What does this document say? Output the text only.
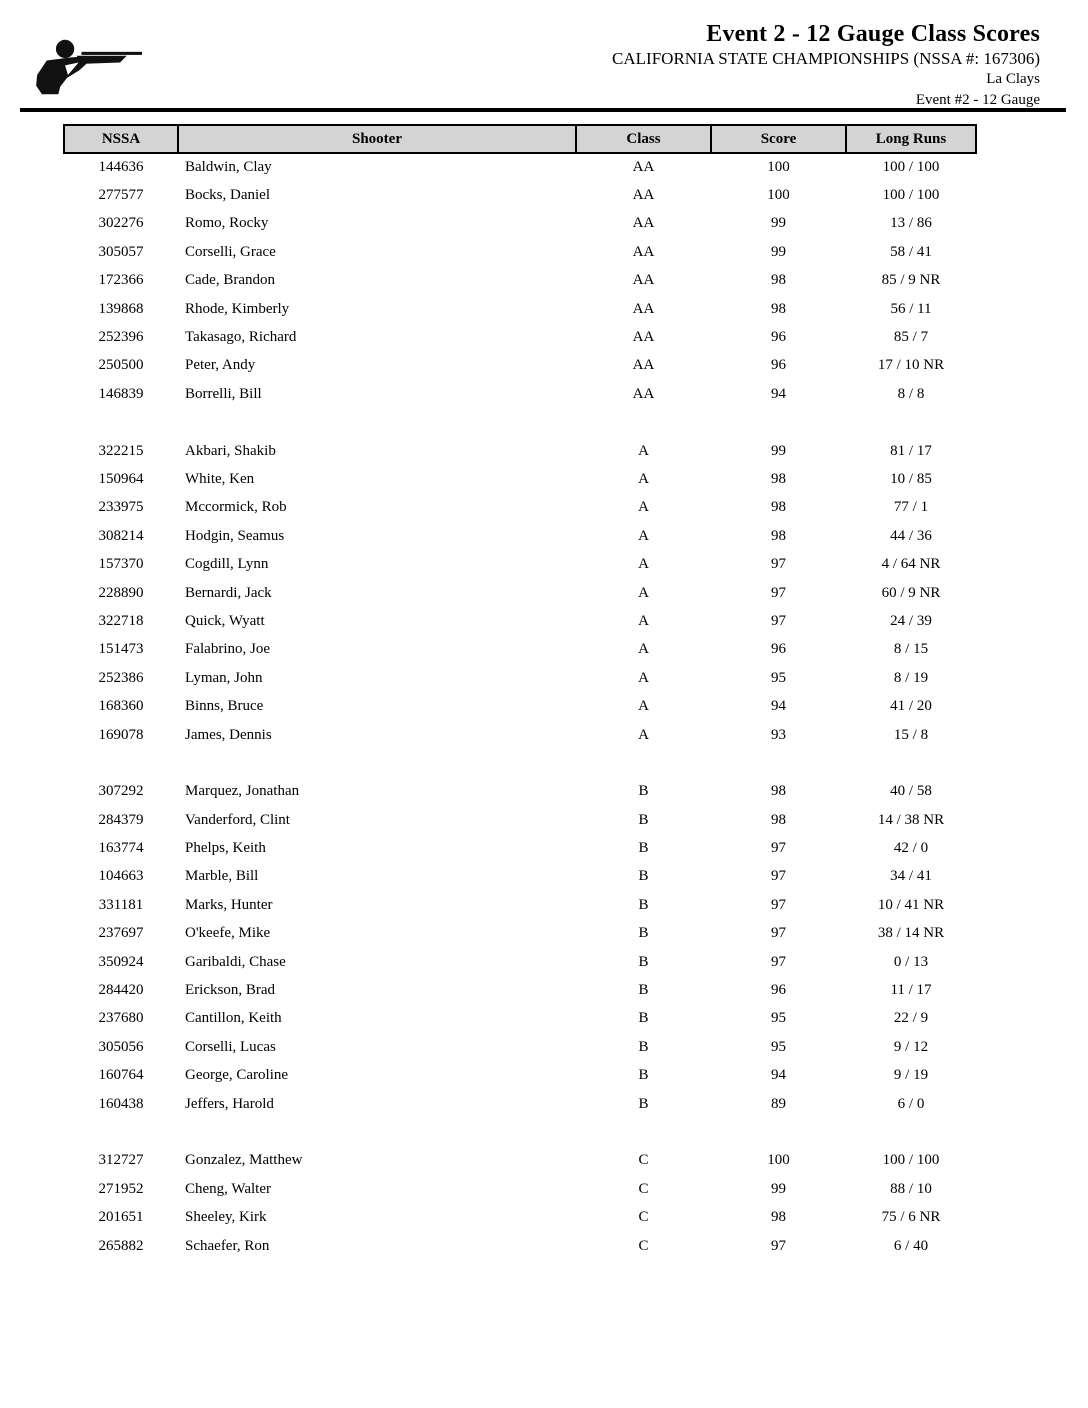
Event 2 - 12 Gauge Class Scores
CALIFORNIA STATE CHAMPIONSHIPS (NSSA #: 167306)
La Clays
Event #2 - 12 Gauge
NSSA	Shooter	Class	Score	Long Runs
144636	Baldwin, Clay	AA	100	100 / 100
277577	Bocks, Daniel	AA	100	100 / 100
302276	Romo, Rocky	AA	99	13 / 86
305057	Corselli, Grace	AA	99	58 / 41
172366	Cade, Brandon	AA	98	85 / 9 NR
139868	Rhode, Kimberly	AA	98	56 / 11
252396	Takasago, Richard	AA	96	85 / 7
250500	Peter, Andy	AA	96	17 / 10 NR
146839	Borrelli, Bill	AA	94	8 / 8

322215	Akbari, Shakib	A	99	81 / 17
150964	White, Ken	A	98	10 / 85
233975	Mccormick, Rob	A	98	77 / 1
308214	Hodgin, Seamus	A	98	44 / 36
157370	Cogdill, Lynn	A	97	4 / 64 NR
228890	Bernardi, Jack	A	97	60 / 9 NR
322718	Quick, Wyatt	A	97	24 / 39
151473	Falabrino, Joe	A	96	8 / 15
252386	Lyman, John	A	95	8 / 19
168360	Binns, Bruce	A	94	41 / 20
169078	James, Dennis	A	93	15 / 8

307292	Marquez, Jonathan	B	98	40 / 58
284379	Vanderford, Clint	B	98	14 / 38 NR
163774	Phelps, Keith	B	97	42 / 0
104663	Marble, Bill	B	97	34 / 41
331181	Marks, Hunter	B	97	10 / 41 NR
237697	O'keefe, Mike	B	97	38 / 14 NR
350924	Garibaldi, Chase	B	97	0 / 13
284420	Erickson, Brad	B	96	11 / 17
237680	Cantillon, Keith	B	95	22 / 9
305056	Corselli, Lucas	B	95	9 / 12
160764	George, Caroline	B	94	9 / 19
160438	Jeffers, Harold	B	89	6 / 0

312727	Gonzalez, Matthew	C	100	100 / 100
271952	Cheng, Walter	C	99	88 / 10
201651	Sheeley, Kirk	C	98	75 / 6 NR
265882	Schaefer, Ron	C	97	6 / 40
